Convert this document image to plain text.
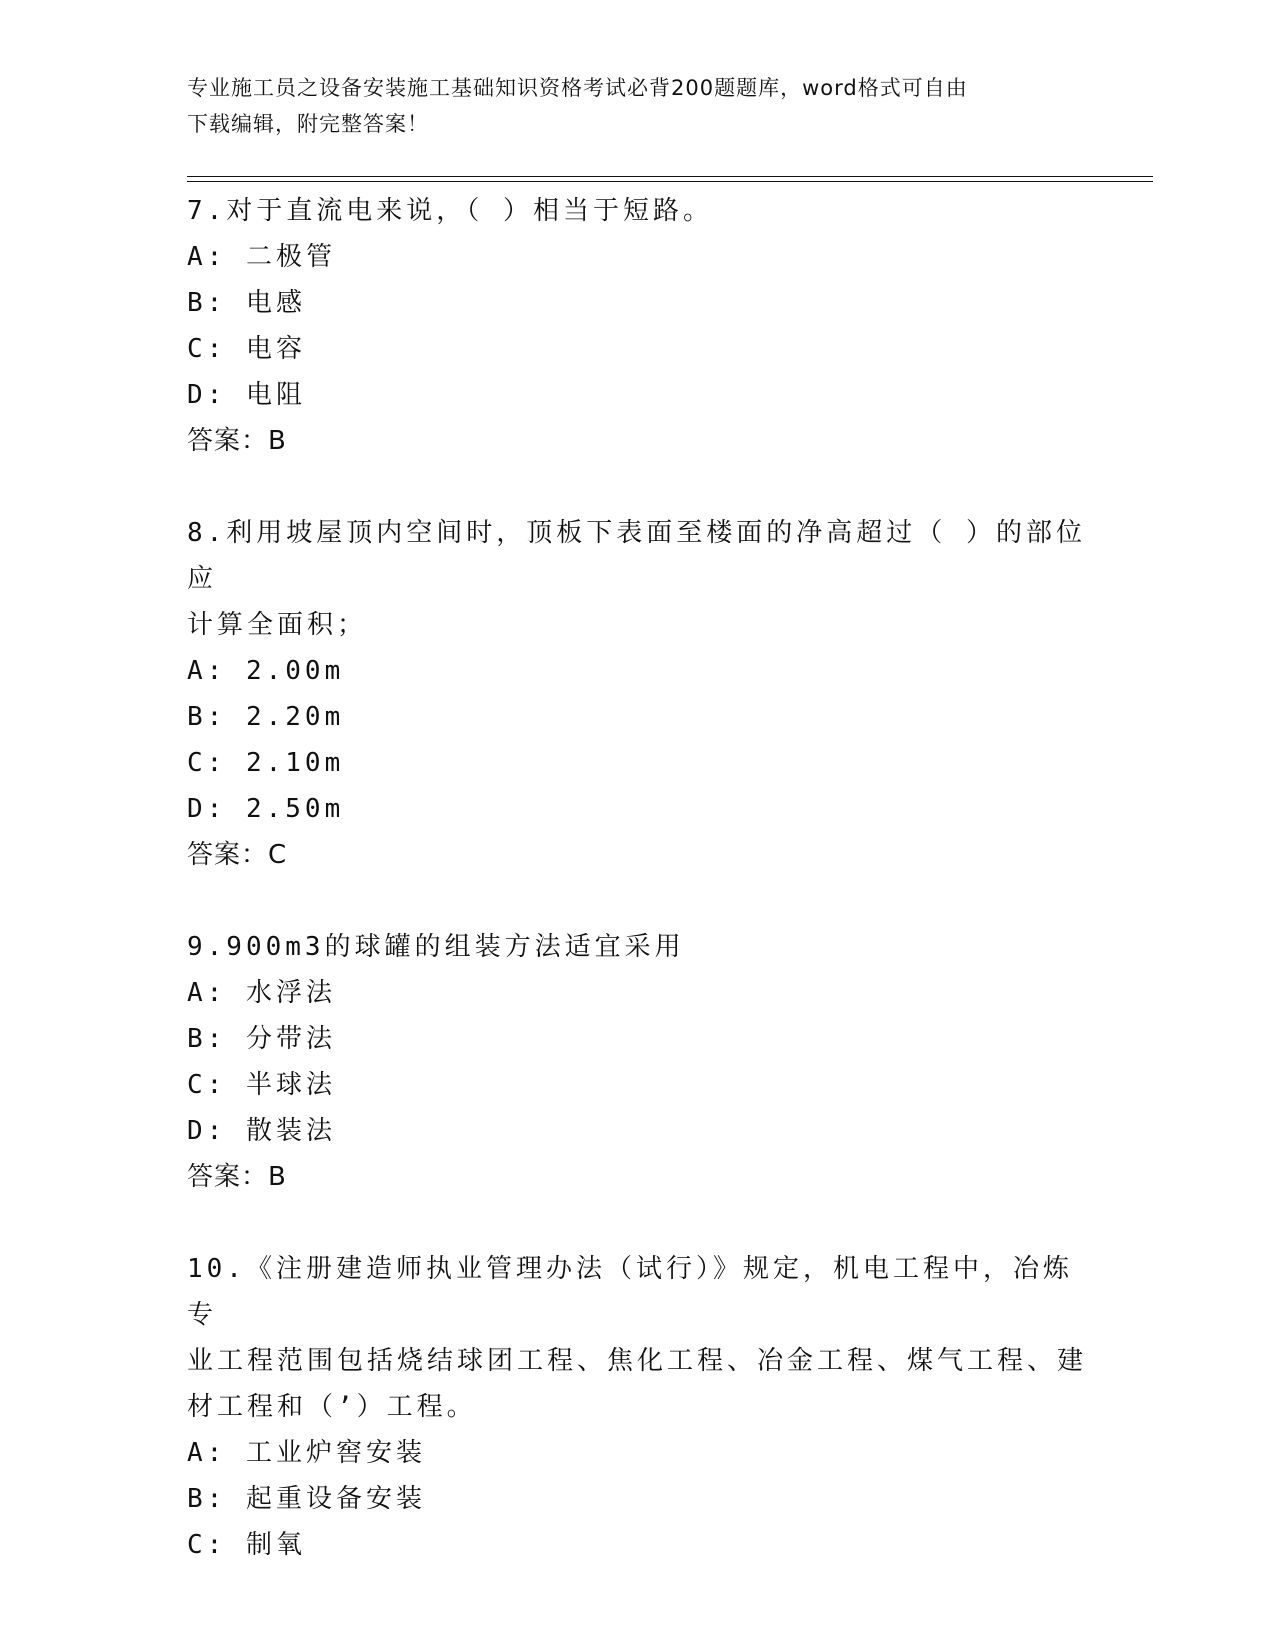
专业施工员之设备安装施工基础知识资格考试必背200题题库，word格式可自由
下载编辑，附完整答案！
7.对于直流电来说，（ ）相当于短路。
A: 二极管
B: 电感
C: 电容
D: 电阻
答案：B
8.利用坡屋顶内空间时，顶板下表面至楼面的净高超过（ ）的部位应
计算全面积；
A: 2.00m
B: 2.20m
C: 2.10m
D: 2.50m
答案：C
9.900m3的球罐的组装方法适宜采用
A: 水浮法
B: 分带法
C: 半球法
D: 散装法
答案：B
10.《注册建造师执业管理办法（试行）》规定，机电工程中，冶炼专
业工程范围包括烧结球团工程、焦化工程、冶金工程、煤气工程、建
材工程和（’）工程。
A: 工业炉窖安装
B: 起重设备安装
C: 制氧
